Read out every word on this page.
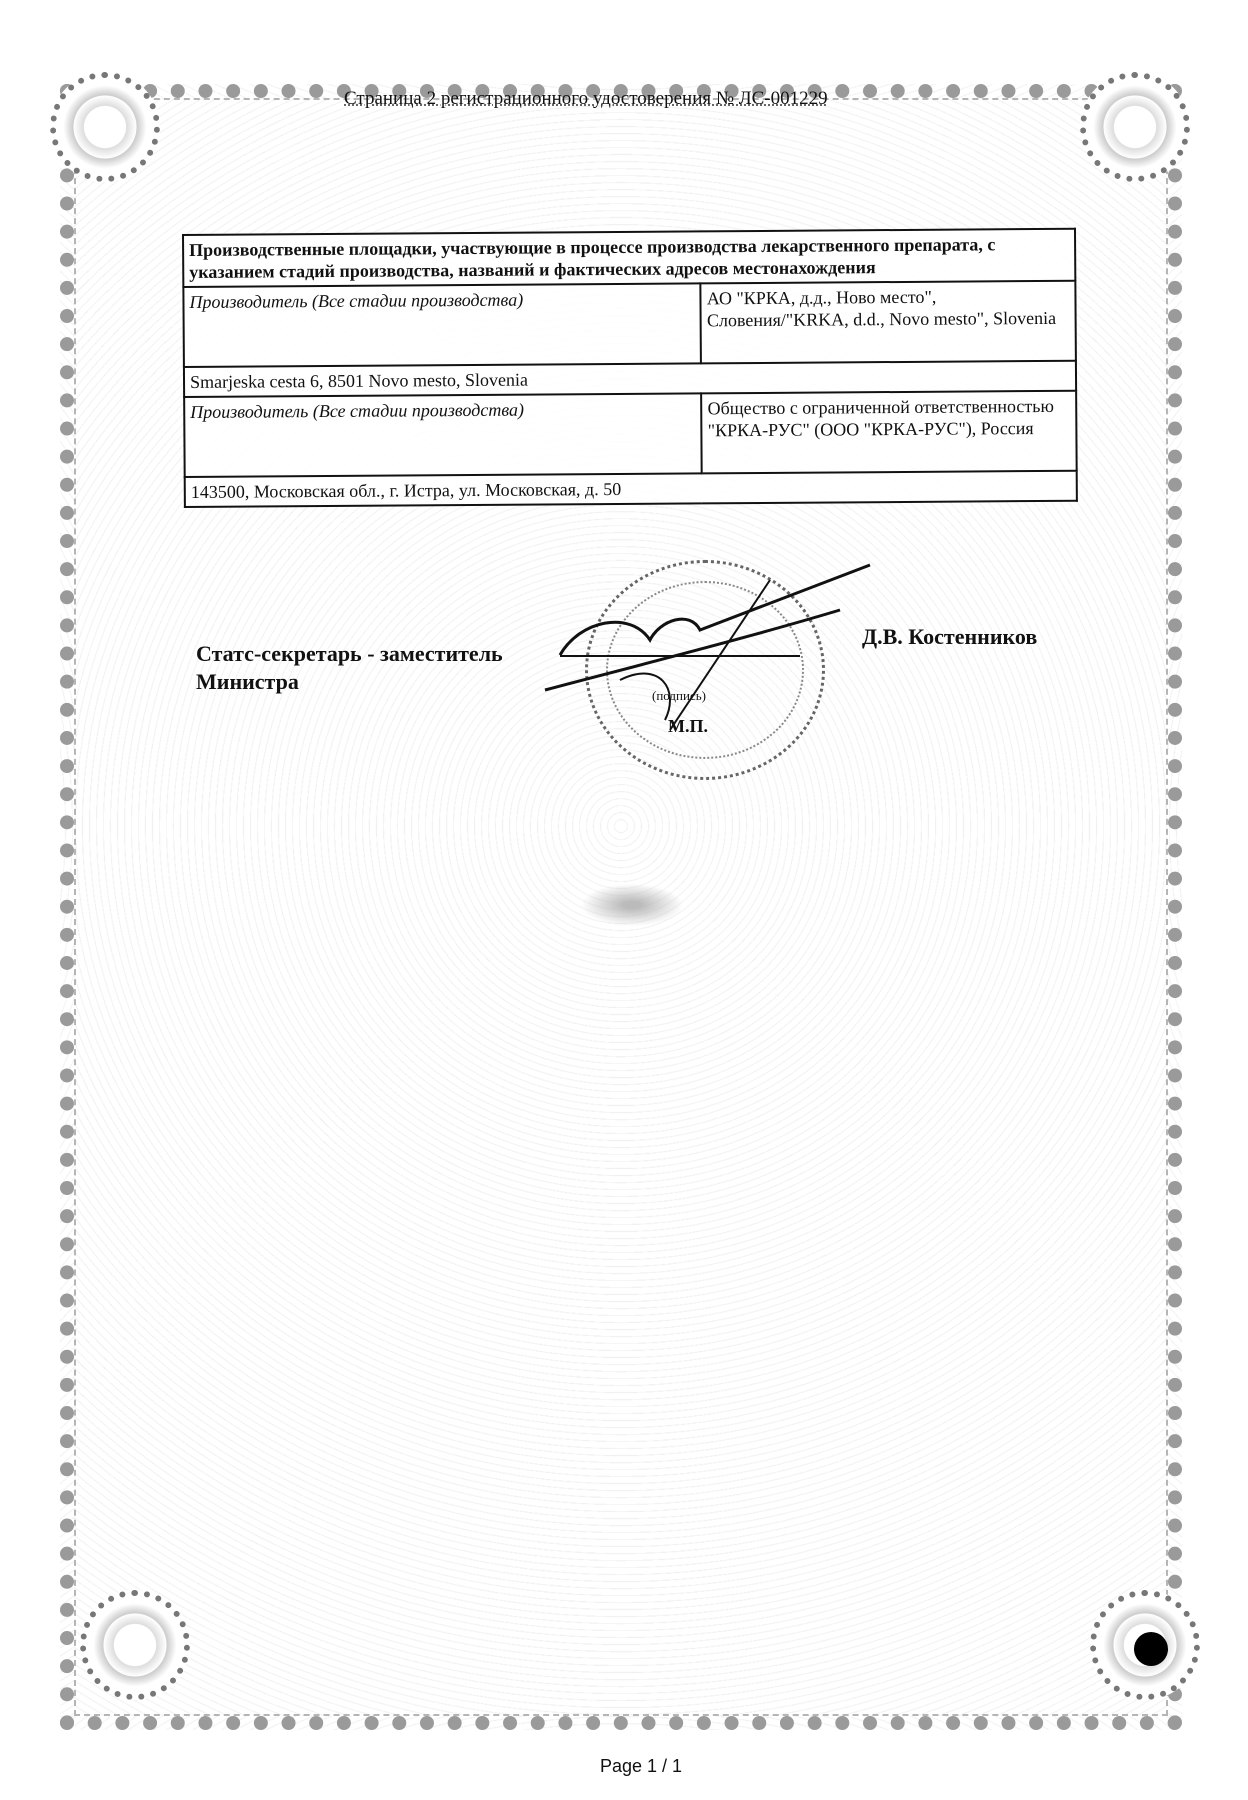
Страница 2 регистрационного удостоверения № ЛС-001229
Производственные площадки, участвующие в процессе производства лекарственного препарата, с указанием стадий производства, названий и фактических адресов местонахождения	
Производитель (Все стадии производства)	АО "КРКА, д.д., Ново место", Словения/"KRKA, d.d., Novo mesto", Slovenia
Smarjeska cesta 6, 8501 Novo mesto, Slovenia	
Производитель (Все стадии производства)	Общество с ограниченной ответственностью "КРКА-РУС" (ООО "КРКА-РУС"), Россия
143500, Московская обл., г. Истра, ул. Московская, д. 50	
Статс-секретарь - заместитель Министра
(подпись)
М.П.
Д.В. Костенников
Page 1 / 1
